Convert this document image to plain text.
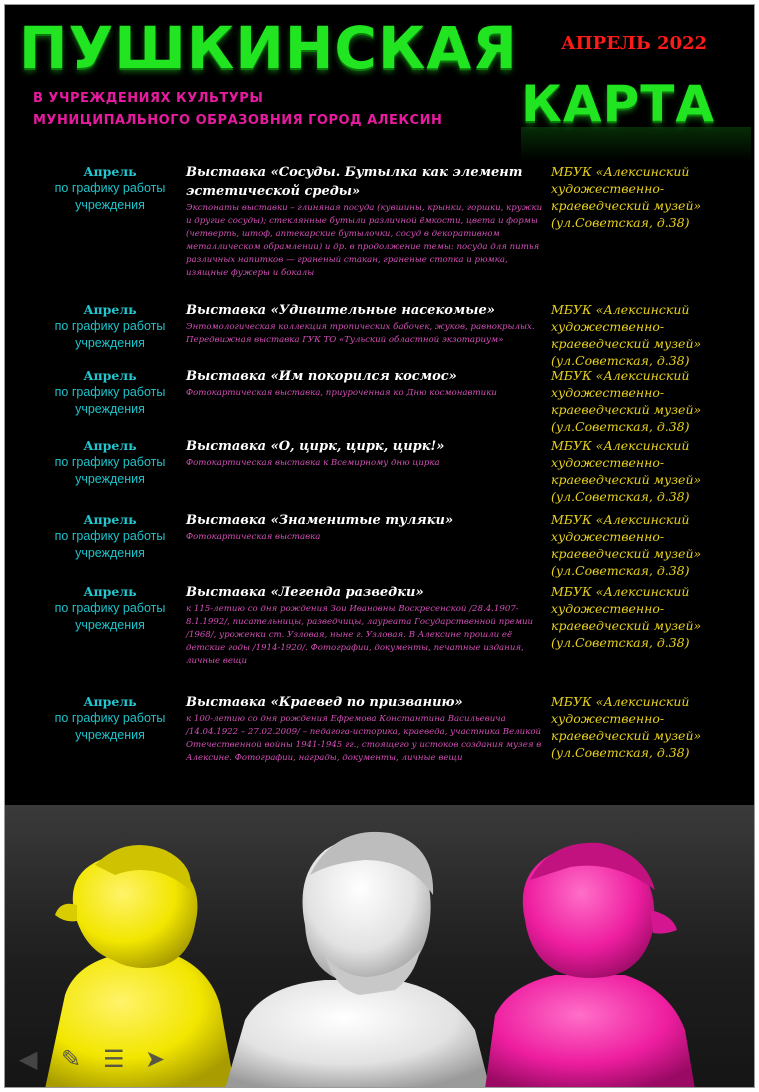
ПУШКИНСКАЯ АПРЕЛЬ 2022
В УЧРЕЖДЕНИЯХ КУЛЬТУРЫ
МУНИЦИПАЛЬНОГО ОБРАЗОВНИЯ ГОРОД АЛЕКСИН КАРТА
Апрель
по графику работы учреждения
Выставка «Сосуды. Бутылка как элемент эстетической среды»
Экспонаты выставки – глиняная посуда (кувшины, крынки, горшки, кружки и другие сосуды); стеклянные бутыли различной ёмкости, цвета и формы (четверть, штоф, аптекарские бутылочки, сосуд в декоративном металлическом обрамлении) и др. в продолжение темы: посуда для питья различных напитков — граненый стакан, граненые стопка и рюмка, изящные фужеры и бокалы
МБУК «Алексинский художественно-краеведческий музей» (ул.Советская, д.38)
Апрель
по графику работы учреждения
Выставка «Удивительные насекомые»
Энтомологическая коллекция тропических бабочек, жуков, равнокрылых. Передвижная выставка ГУК ТО «Тульский областной экзотариум»
МБУК «Алексинский художественно-краеведческий музей» (ул.Советская, д.38)
Апрель
по графику работы учреждения
Выставка «Им покорился космос»
Фотокартическая выставка, приуроченная ко Дню космонавтики
МБУК «Алексинский художественно-краеведческий музей» (ул.Советская, д.38)
Апрель
по графику работы учреждения
Выставка «О, цирк, цирк, цирк!»
Фотокартическая выставка к Всемирному дню цирка
МБУК «Алексинский художественно-краеведческий музей» (ул.Советская, д.38)
Апрель
по графику работы учреждения
Выставка «Знаменитые туляки»
Фотокартическая выставка
МБУК «Алексинский художественно-краеведческий музей» (ул.Советская, д.38)
Апрель
по графику работы учреждения
Выставка «Легенда разведки»
к 115-летию со дня рождения Зои Ивановны Воскресенской /28.4.1907-8.1.1992/, писательницы, разведчицы, лауреата Государственной премии /1968/, уроженки ст. Узловая, ныне г. Узловая. В Алексине прошли её детские годы /1914-1920/. Фотографии, документы, печатные издания, личные вещи
МБУК «Алексинский художественно-краеведческий музей» (ул.Советская, д.38)
Апрель
по графику работы учреждения
Выставка «Краевед по призванию»
к 100-летию со дня рождения Ефремова Константина Васильевича /14.04.1922 – 27.02.2009/ – педагога-историка, краеведа, участника Великой Отечественной войны 1941-1945 гг., стоящего у истоков создания музея в Алексине. Фотографии, награды, документы, личные вещи
МБУК «Алексинский художественно-краеведческий музей» (ул.Советская, д.38)
◀ ✎ ☰ ➤
